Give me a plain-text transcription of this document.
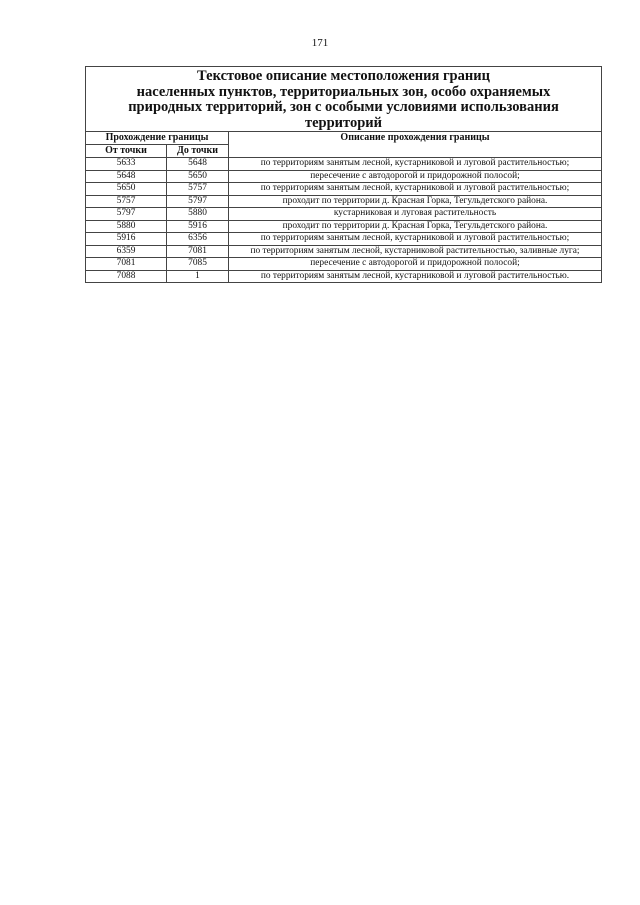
171
Текстовое описание местоположения границ
населенных пунктов, территориальных зон, особо охраняемых
природных территорий, зон с особыми условиями использования
территорий		

Прохождение границы		Описание прохождения границы
От точки	До точки	
5633	5648	по территориям занятым лесной, кустарниковой и луговой растительностью;
5648	5650	пересечение с автодорогой и придорожной полосой;
5650	5757	по территориям занятым лесной, кустарниковой и луговой растительностью;
5757	5797	проходит по территории д. Красная Горка, Тегульдетского района.
5797	5880	кустарниковая и луговая растительность
5880	5916	проходит по территории д. Красная Горка, Тегульдетского района.
5916	6356	по территориям занятым лесной, кустарниковой и луговой растительностью;
6359	7081	по территориям занятым лесной, кустарниковой растительностью, заливные луга;
7081	7085	пересечение с автодорогой и придорожной полосой;
7088	1	по территориям занятым лесной, кустарниковой и луговой растительностью.
